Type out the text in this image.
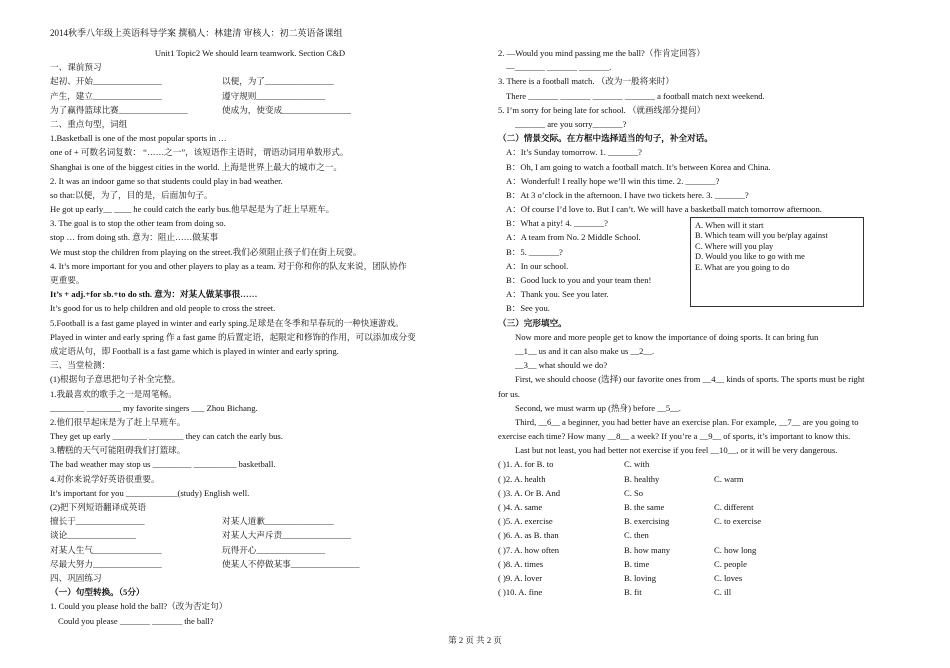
2014秋季八年级上英语科导学案 撰稿人：林建清 审核人：初二英语备课组
Unit1 Topic2 We should learn teamwork. Section C&D
一、课前预习
起初、开始________________	以便，为了________________
产生，建立________________	遵守规则________________
为了赢得篮球比赛________________	使成为，使变成________________
二、重点句型，词组
1.Basketball is one of the most popular sports in …
one of + 可数名词复数： “……之一”，该短语作主语时，谓语动词用单数形式。
Shanghai is one of the biggest cities in the world. 上海是世界上最大的城市之一。
2. It was an indoor game so that students could play in bad weather.
so that:以便，为了，目的是，后面加句子。
He got up early__ ____ he could catch the early bus.他早起是为了赶上早班车。
3. The goal is to stop the other team from doing so.
stop … from doing sth. 意为：阻止……做某事
We must stop the children from playing on the street.我们必须阻止孩子们在街上玩耍。
4. It’s more important for you and other players to play as a team. 对于你和你的队友来说，团队协作
更重要。
It’s + adj.+for sb.+to do sth. 意为：对某人做某事很……
It’s good for us to help children and old people to cross the street.
5.Football is a fast game played in winter and early sping.足球是在冬季和早春玩的一种快速游戏。
Played in winter and early spring 作 a fast game 的后置定语，起限定和修饰的作用，可以添加成分变
成定语从句，即 Football is a fast game which is played in winter and early spring.
三、当堂检测：
(1)根据句子意思把句子补全完整。
1.我最喜欢的歌手之一是周笔畅。
________ ________ my favorite singers ___ Zhou Bichang.
2.他们很早起床是为了赶上早班车。
They get up early ________ ________ they can catch the early bus.
3.糟糕的天气可能阻碍我们打篮球。
The bad weather may stop us _________ __________ basketball.
4.对你来说学好英语很重要。
It’s important for you ____________(study) English well.
(2)把下列短语翻译成英语
擅长于________________	对某人道歉________________
谈论________________	对某人大声斥责________________
对某人生气________________	玩得开心________________
尽最大努力________________	使某人不停做某事________________
四、巩固练习
（一）句型转换。（5分）
1. Could you please hold the ball?（改为否定句）
Could you please _______ _______ the ball?
2. —Would you mind passing me the ball?（作肯定回答）
—_______ _______ _______.
3. There is a football match. （改为一般将来时）
There _______ _______ _______ _______ a football match next weekend.
5. I’m sorry for being late for school. （就画线部分提问）
_______ are you sorry_______?
（二）情景交际。在方框中选择适当的句子，补全对话。
A：It’s Sunday tomorrow. 1. _______?
B：Oh, I am going to watch a football match. It’s between Korea and China.
A：Wonderful! I really hope we’ll win this time. 2. _______?
B：At 3 o’clock in the afternoon. I have two tickets here. 3. _______?
A：Of course I’d love to. But I can’t. We will have a basketball match tomorrow afternoon.
B：What a pity! 4. _______?
A：A team from No. 2 Middle School.
B：5. _______?
A：In our school.
B：Good luck to you and your team then!
A：Thank you. See you later.
B：See you.
（三）完形填空。
Now more and more people get to know the importance of doing sports. It can bring fun
__1__ us and it can also make us __2__.
__3__ what should we do?
First, we should choose (选择) our favorite ones from __4__ kinds of sports. The sports must be right
for us.
Second, we must warm up (热身) before __5__.
Third, __6__ a beginner, you had better have an exercise plan. For example, __7__ are you going to
exercise each time? How many __8__ a week? If you’re a __9__ of sports, it’s important to know this.
Last but not least, you had better not exercise if you feel __10__, or it will be very dangerous.
( )1. A. for B. to	C. with
( )2. A. health	B. healthy	C. warm
( )3. A. Or B. And	C. So
( )4. A. same	B. the same	C. different
( )5. A. exercise	B. exercising	C. to exercise
( )6. A. as B. than	C. then
( )7. A. how often	B. how many	C. how long
( )8. A. times	B. time	C. people
( )9. A. lover	B. loving	C. loves
( )10. A. fine	B. fit	C. ill
A. When will it start
B. Which team will you be/play against
C. Where will you play
D. Would you like to go with me
E. What are you going to do
第 2 页 共 2 页
